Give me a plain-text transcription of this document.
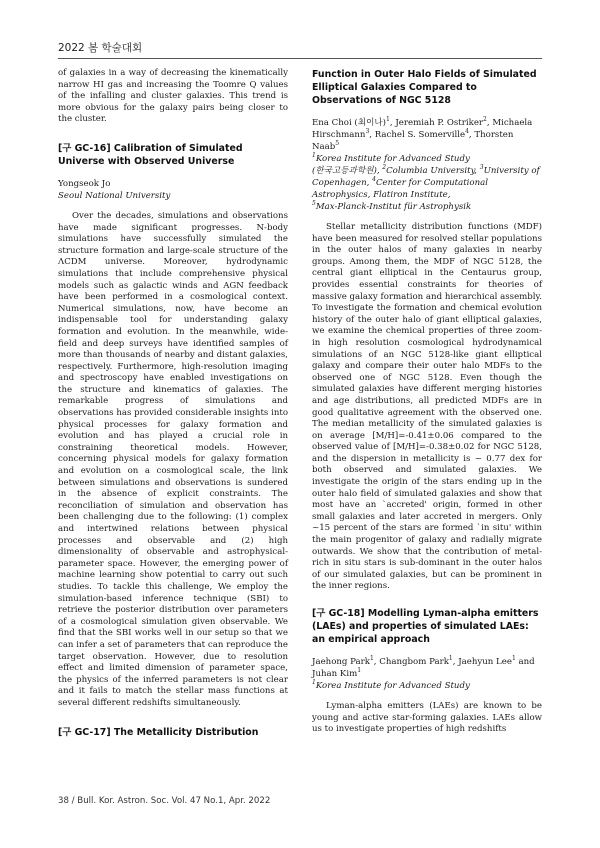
2022 봄 학술대회

of galaxies in a way of decreasing the kinematically narrow HI gas and increasing the Toomre Q values of the infalling and cluster galaxies. This trend is more obvious for the galaxy pairs being closer to the cluster.

[구 GC-16] Calibration of Simulated Universe with Observed Universe
Yongseok Jo
Seoul National University

Over the decades, simulations and observations have made significant progresses. N-body simulations have successfully simulated the structure formation and large-scale structure of the ΛCDM universe. Moreover, hydrodynamic simulations that include comprehensive physical models such as galactic winds and AGN feedback have been performed in a cosmological context. Numerical simulations, now, have become an indispensable tool for understanding galaxy formation and evolution. In the meanwhile, wide-field and deep surveys have identified samples of more than thousands of nearby and distant galaxies, respectively. Furthermore, high-resolution imaging and spectroscopy have enabled investigations on the structure and kinematics of galaxies. The remarkable progress of simulations and observations has provided considerable insights into physical processes for galaxy formation and evolution and has played a crucial role in constraining theoretical models. However, concerning physical models for galaxy formation and evolution on a cosmological scale, the link between simulations and observations is sundered in the absence of explicit constraints. The reconciliation of simulation and observation has been challenging due to the following: (1) complex and intertwined relations between physical processes and observable and (2) high dimensionality of observable and astrophysical-parameter space. However, the emerging power of machine learning show potential to carry out such studies. To tackle this challenge, We employ the simulation-based inference technique (SBI) to retrieve the posterior distribution over parameters of a cosmological simulation given observable. We find that the SBI works well in our setup so that we can infer a set of parameters that can reproduce the target observation. However, due to resolution effect and limited dimension of parameter space, the physics of the inferred parameters is not clear and it fails to match the stellar mass functions at several different redshifts simultaneously.

[구 GC-17] The Metallicity Distribution
Function in Outer Halo Fields of Simulated Elliptical Galaxies Compared to Observations of NGC 5128
Ena Choi (최이나)$^1$, Jeremiah P. Ostriker$^2$, Michaela Hirschmann$^3$, Rachel S. Somerville$^4$, Thorsten Naab$^5$
$^1$Korea Institute for Advanced Study
(한국고등과학원), $^2$Columbia University, $^3$University of Copenhagen, $^4$Center for Computational Astrophysics, Flatiron Institute,
$^5$Max-Planck-Institut für Astrophysik

Stellar metallicity distribution functions (MDF) have been measured for resolved stellar populations in the outer halos of many galaxies in nearby groups. Among them, the MDF of NGC 5128, the central giant elliptical in the Centaurus group, provides essential constraints for theories of massive galaxy formation and hierarchical assembly. To investigate the formation and chemical evolution history of the outer halo of giant elliptical galaxies, we examine the chemical properties of three zoom-in high resolution cosmological hydrodynamical simulations of an NGC 5128-like giant elliptical galaxy and compare their outer halo MDFs to the observed one of NGC 5128. Even though the simulated galaxies have different merging histories and age distributions, all predicted MDFs are in good qualitative agreement with the observed one. The median metallicity of the simulated galaxies is on average [M/H]=-0.41±0.06 compared to the observed value of [M/H]=-0.38±0.02 for NGC 5128, and the dispersion in metallicity is ~ 0.77 dex for both observed and simulated galaxies. We investigate the origin of the stars ending up in the outer halo field of simulated galaxies and show that most have an `accreted' origin, formed in other small galaxies and later accreted in mergers. Only ~15 percent of the stars are formed `in situ' within the main progenitor of galaxy and radially migrate outwards. We show that the contribution of metal-rich in situ stars is sub-dominant in the outer halos of our simulated galaxies, but can be prominent in the inner regions.

[구 GC-18] Modelling Lyman-alpha emitters (LAEs) and properties of simulated LAEs: an empirical approach
Jaehong Park$^1$, Changbom Park$^1$, Jaehyun Lee$^1$ and Juhan Kim$^1$
$^1$Korea Institute for Advanced Study

Lyman-alpha emitters (LAEs) are known to be young and active star-forming galaxies. LAEs allow us to investigate properties of high redshifts

38 / Bull. Kor. Astron. Soc. Vol. 47 No.1, Apr. 2022
